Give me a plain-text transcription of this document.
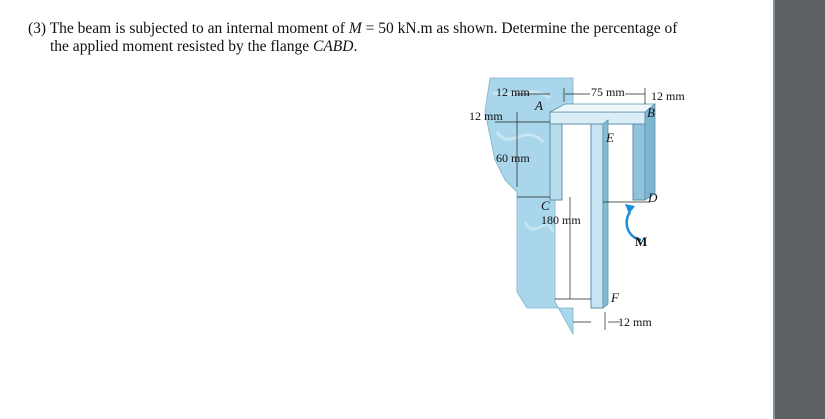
(3) The beam is subjected to an internal moment of M = 50 kN.m as shown. Determine the percentage of
the applied moment resisted by the flange CABD.
12 mm	75 mm 12 mm
12 mm
60 mm
180 mm
12 mm
A	B
C
D
E
F
M
